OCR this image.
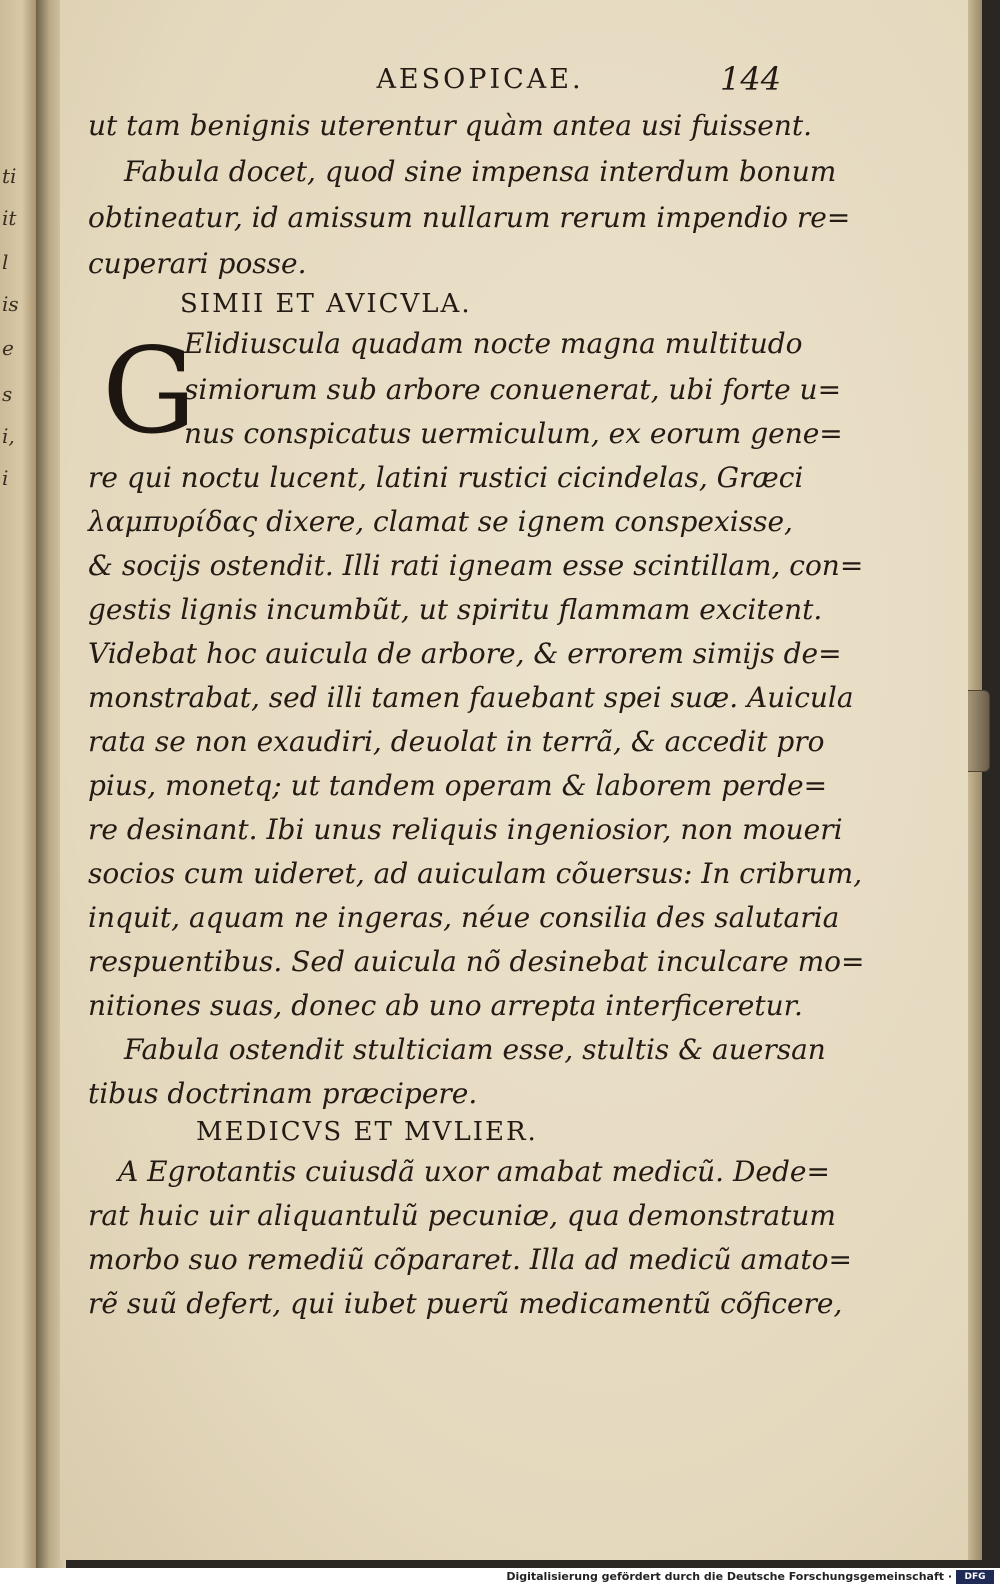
ti
it
l
is
e
s
i,
i
AESOPICAE.	144
ut tam benignis uterentur quàm antea usi fuissent.
Fabula docet, quod sine impensa interdum bonum
obtineatur, id amissum nullarum rerum impendio re=
cuperari posse.
SIMII ET AVICVLA.
G
Elidiuscula quadam nocte magna multitudo
simiorum sub arbore conuenerat, ubi forte u=
nus conspicatus uermiculum, ex eorum gene=
re qui noctu lucent, latini rustici cicindelas, Græci
λαμπυρίδας dixere, clamat se ignem conspexisse,
& socijs ostendit. Illi rati igneam esse scintillam, con=
gestis lignis incumbũt, ut spiritu flammam excitent.
Videbat hoc auicula de arbore, & errorem simijs de=
monstrabat, sed illi tamen fauebant spei suæ. Auicula
rata se non exaudiri, deuolat in terrã, & accedit pro
pius, monetq; ut tandem operam & laborem perde=
re desinant. Ibi unus reliquis ingeniosior, non moueri
socios cum uideret, ad auiculam cõuersus: In cribrum,
inquit, aquam ne ingeras, néue consilia des salutaria
respuentibus. Sed auicula nõ desinebat inculcare mo=
nitiones suas, donec ab uno arrepta interficeretur.
Fabula ostendit stulticiam esse, stultis & auersan
tibus doctrinam præcipere.
MEDICVS ET MVLIER.
A Egrotantis cuiusdã uxor amabat medicũ. Dede=
rat huic uir aliquantulũ pecuniæ, qua demonstratum
morbo suo remediũ cõpararet. Illa ad medicũ amato=
rẽ suũ defert, qui iubet puerũ medicamentũ cõficere,
Digitalisierung gefördert durch die Deutsche Forschungsgemeinschaft ·	DFG
